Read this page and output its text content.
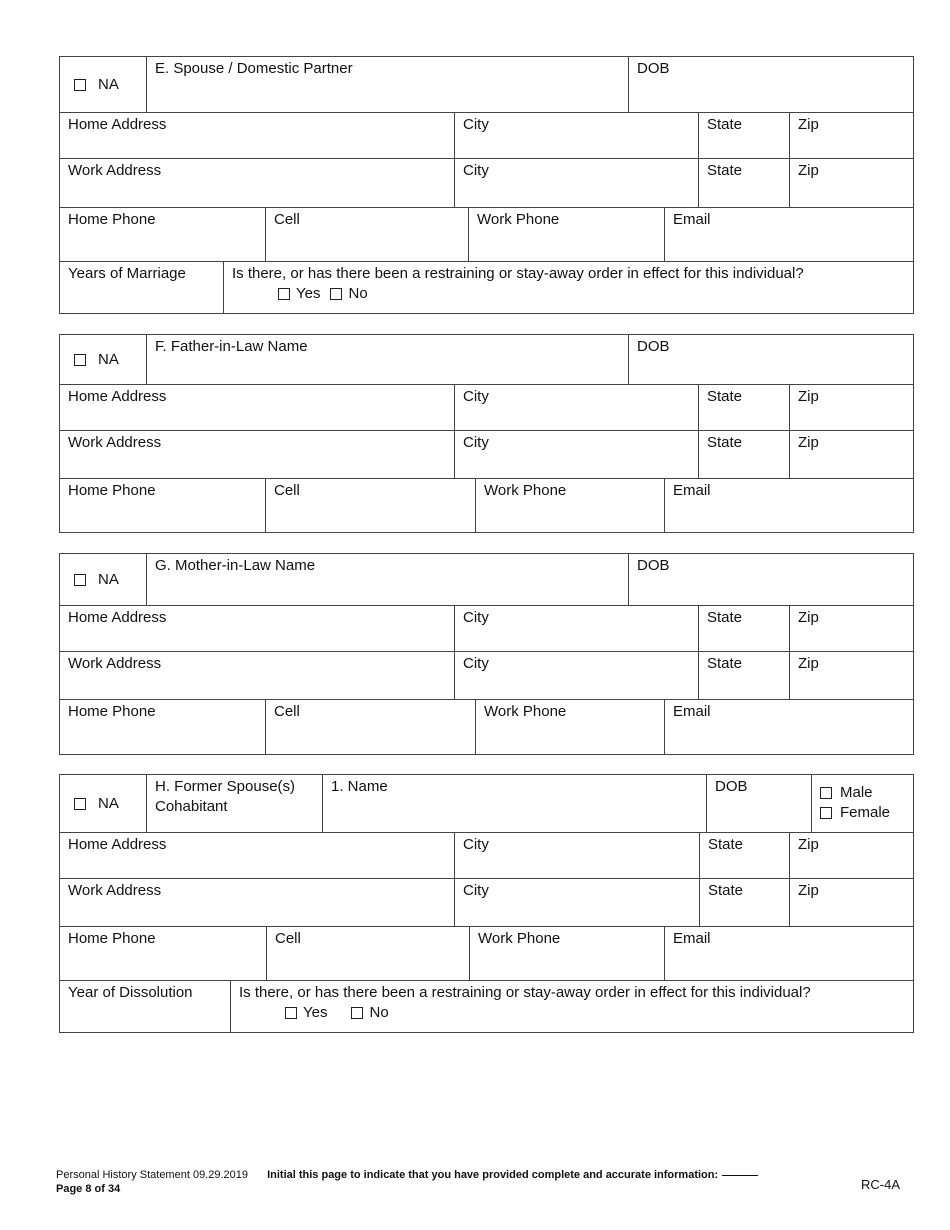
NA
E. Spouse / Domestic Partner	DOB
Home Address	City	State	Zip
Work Address	City	State	Zip
Home Phone	Cell	Work Phone	Email
Years of Marriage	Is there, or has there been a restraining or stay-away order in effect for this individual?
Yes No
NA
F. Father-in-Law Name	DOB
Home Address	City	State	Zip
Work Address	City	State	Zip
Home Phone	Cell	Work Phone	Email
NA
G. Mother-in-Law Name	DOB
Home Address	City	State	Zip
Work Address	City	State	Zip
Home Phone	Cell	Work Phone	Email
NA
H. Former Spouse(s)
Cohabitant
1. Name	DOB	Male
Female
Home Address	City	State	Zip
Work Address	City	State	Zip
Home Phone	Cell	Work Phone	Email
Year of Dissolution	Is there, or has there been a restraining or stay-away order in effect for this individual?
Yes	No
Personal History Statement 09.29.2019 Initial this page to indicate that you have provided complete and accurate information:
Page 8 of 34	RC-4A
